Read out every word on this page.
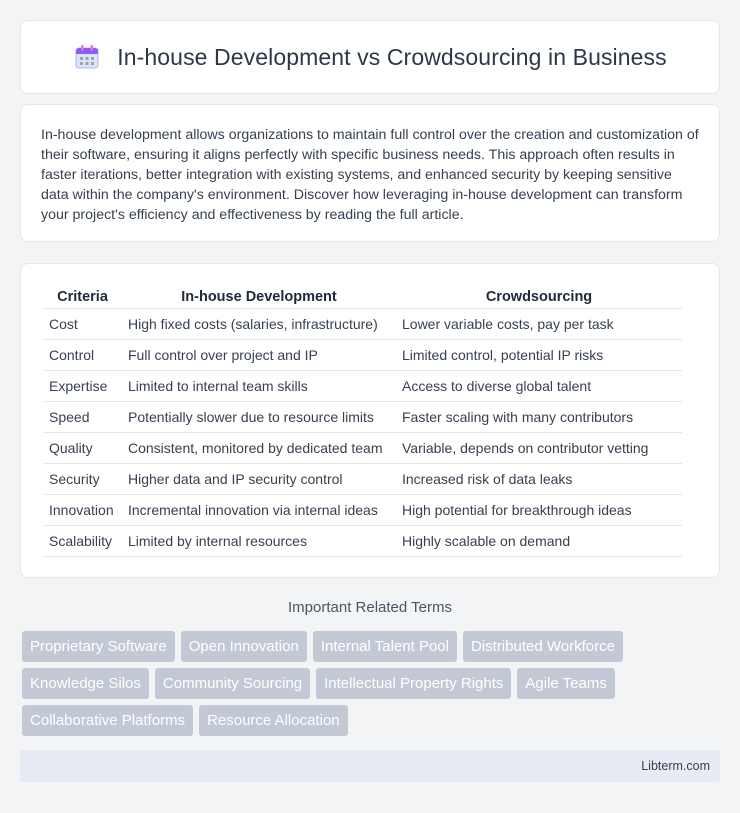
In-house Development vs Crowdsourcing in Business

In-house development allows organizations to maintain full control over the creation and customization of their software, ensuring it aligns perfectly with specific business needs. This approach often results in faster iterations, better integration with existing systems, and enhanced security by keeping sensitive data within the company's environment. Discover how leveraging in-house development can transform your project's efficiency and effectiveness by reading the full article.

Criteria	In-house Development	Crowdsourcing
Cost	High fixed costs (salaries, infrastructure)	Lower variable costs, pay per task
Control	Full control over project and IP	Limited control, potential IP risks
Expertise	Limited to internal team skills	Access to diverse global talent
Speed	Potentially slower due to resource limits	Faster scaling with many contributors
Quality	Consistent, monitored by dedicated team	Variable, depends on contributor vetting
Security	Higher data and IP security control	Increased risk of data leaks
Innovation	Incremental innovation via internal ideas	High potential for breakthrough ideas
Scalability	Limited by internal resources	Highly scalable on demand
Important Related Terms
Proprietary Software	Open Innovation	Internal Talent Pool	Distributed Workforce
Knowledge Silos	Community Sourcing	Intellectual Property Rights	Agile Teams
Collaborative Platforms	Resource Allocation
Libterm.com
